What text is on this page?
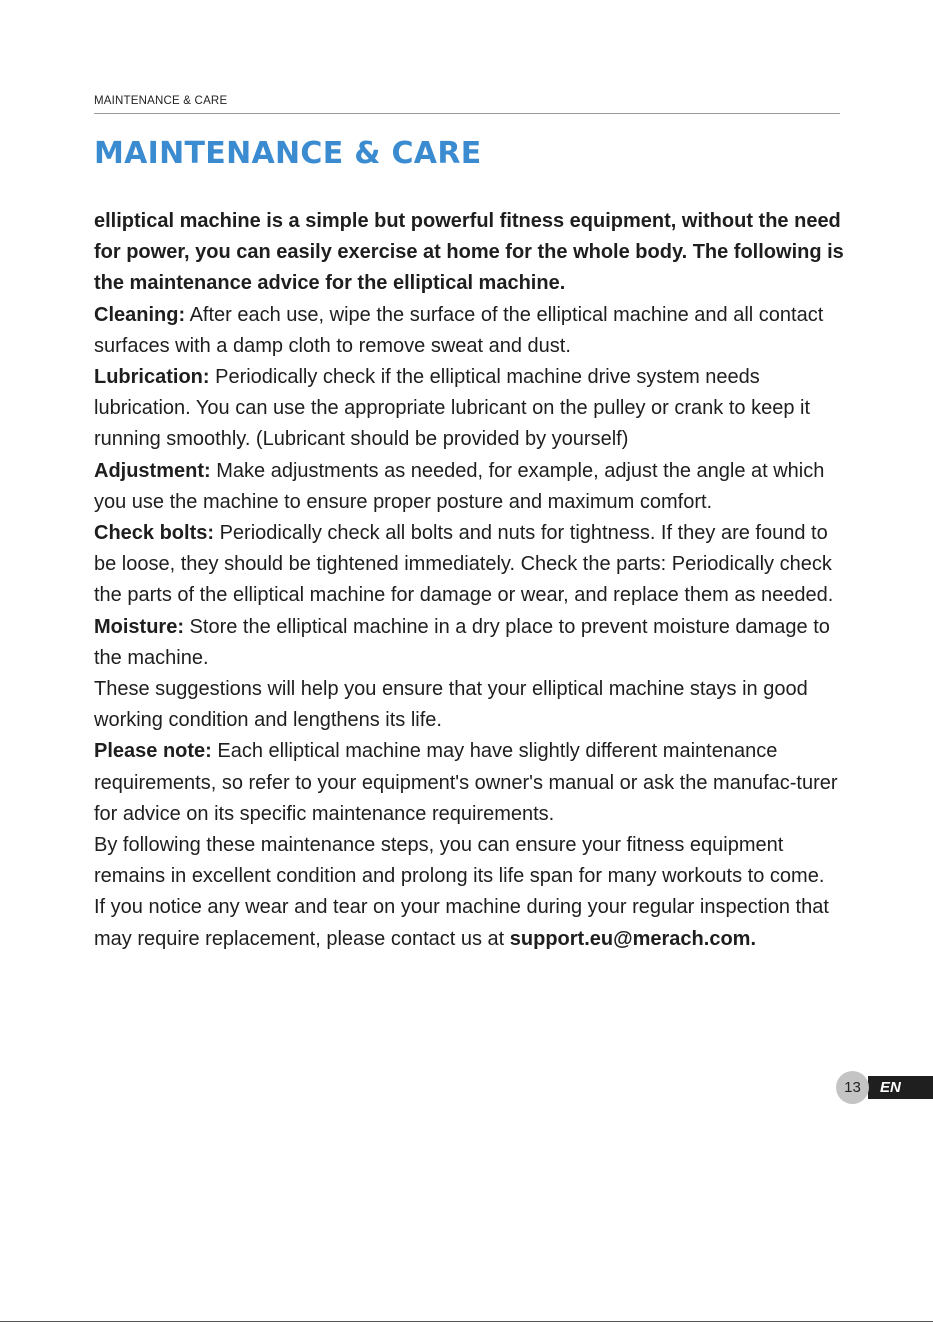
MAINTENANCE & CARE
MAINTENANCE & CARE

elliptical machine is a simple but powerful fitness equipment, without the need for power, you can easily exercise at home for the whole body. The following is the maintenance advice for the elliptical machine.

Cleaning: After each use, wipe the surface of the elliptical machine and all contact surfaces with a damp cloth to remove sweat and dust.

Lubrication: Periodically check if the elliptical machine drive system needs lubrication. You can use the appropriate lubricant on the pulley or crank to keep it running smoothly. (Lubricant should be provided by yourself)

Adjustment: Make adjustments as needed, for example, adjust the angle at which you use the machine to ensure proper posture and maximum comfort.

Check bolts: Periodically check all bolts and nuts for tightness. If they are found to be loose, they should be tightened immediately. Check the parts: Periodically check the parts of the elliptical machine for damage or wear, and replace them as needed.

Moisture: Store the elliptical machine in a dry place to prevent moisture damage to the machine.

These suggestions will help you ensure that your elliptical machine stays in good working condition and lengthens its life.

Please note: Each elliptical machine may have slightly different maintenance requirements, so refer to your equipment's owner's manual or ask the manufac-turer for advice on its specific maintenance requirements.

By following these maintenance steps, you can ensure your fitness equipment remains in excellent condition and prolong its life span for many workouts to come.

If you notice any wear and tear on your machine during your regular inspection that may require replacement, please contact us at support.eu@merach.com.

13	EN
